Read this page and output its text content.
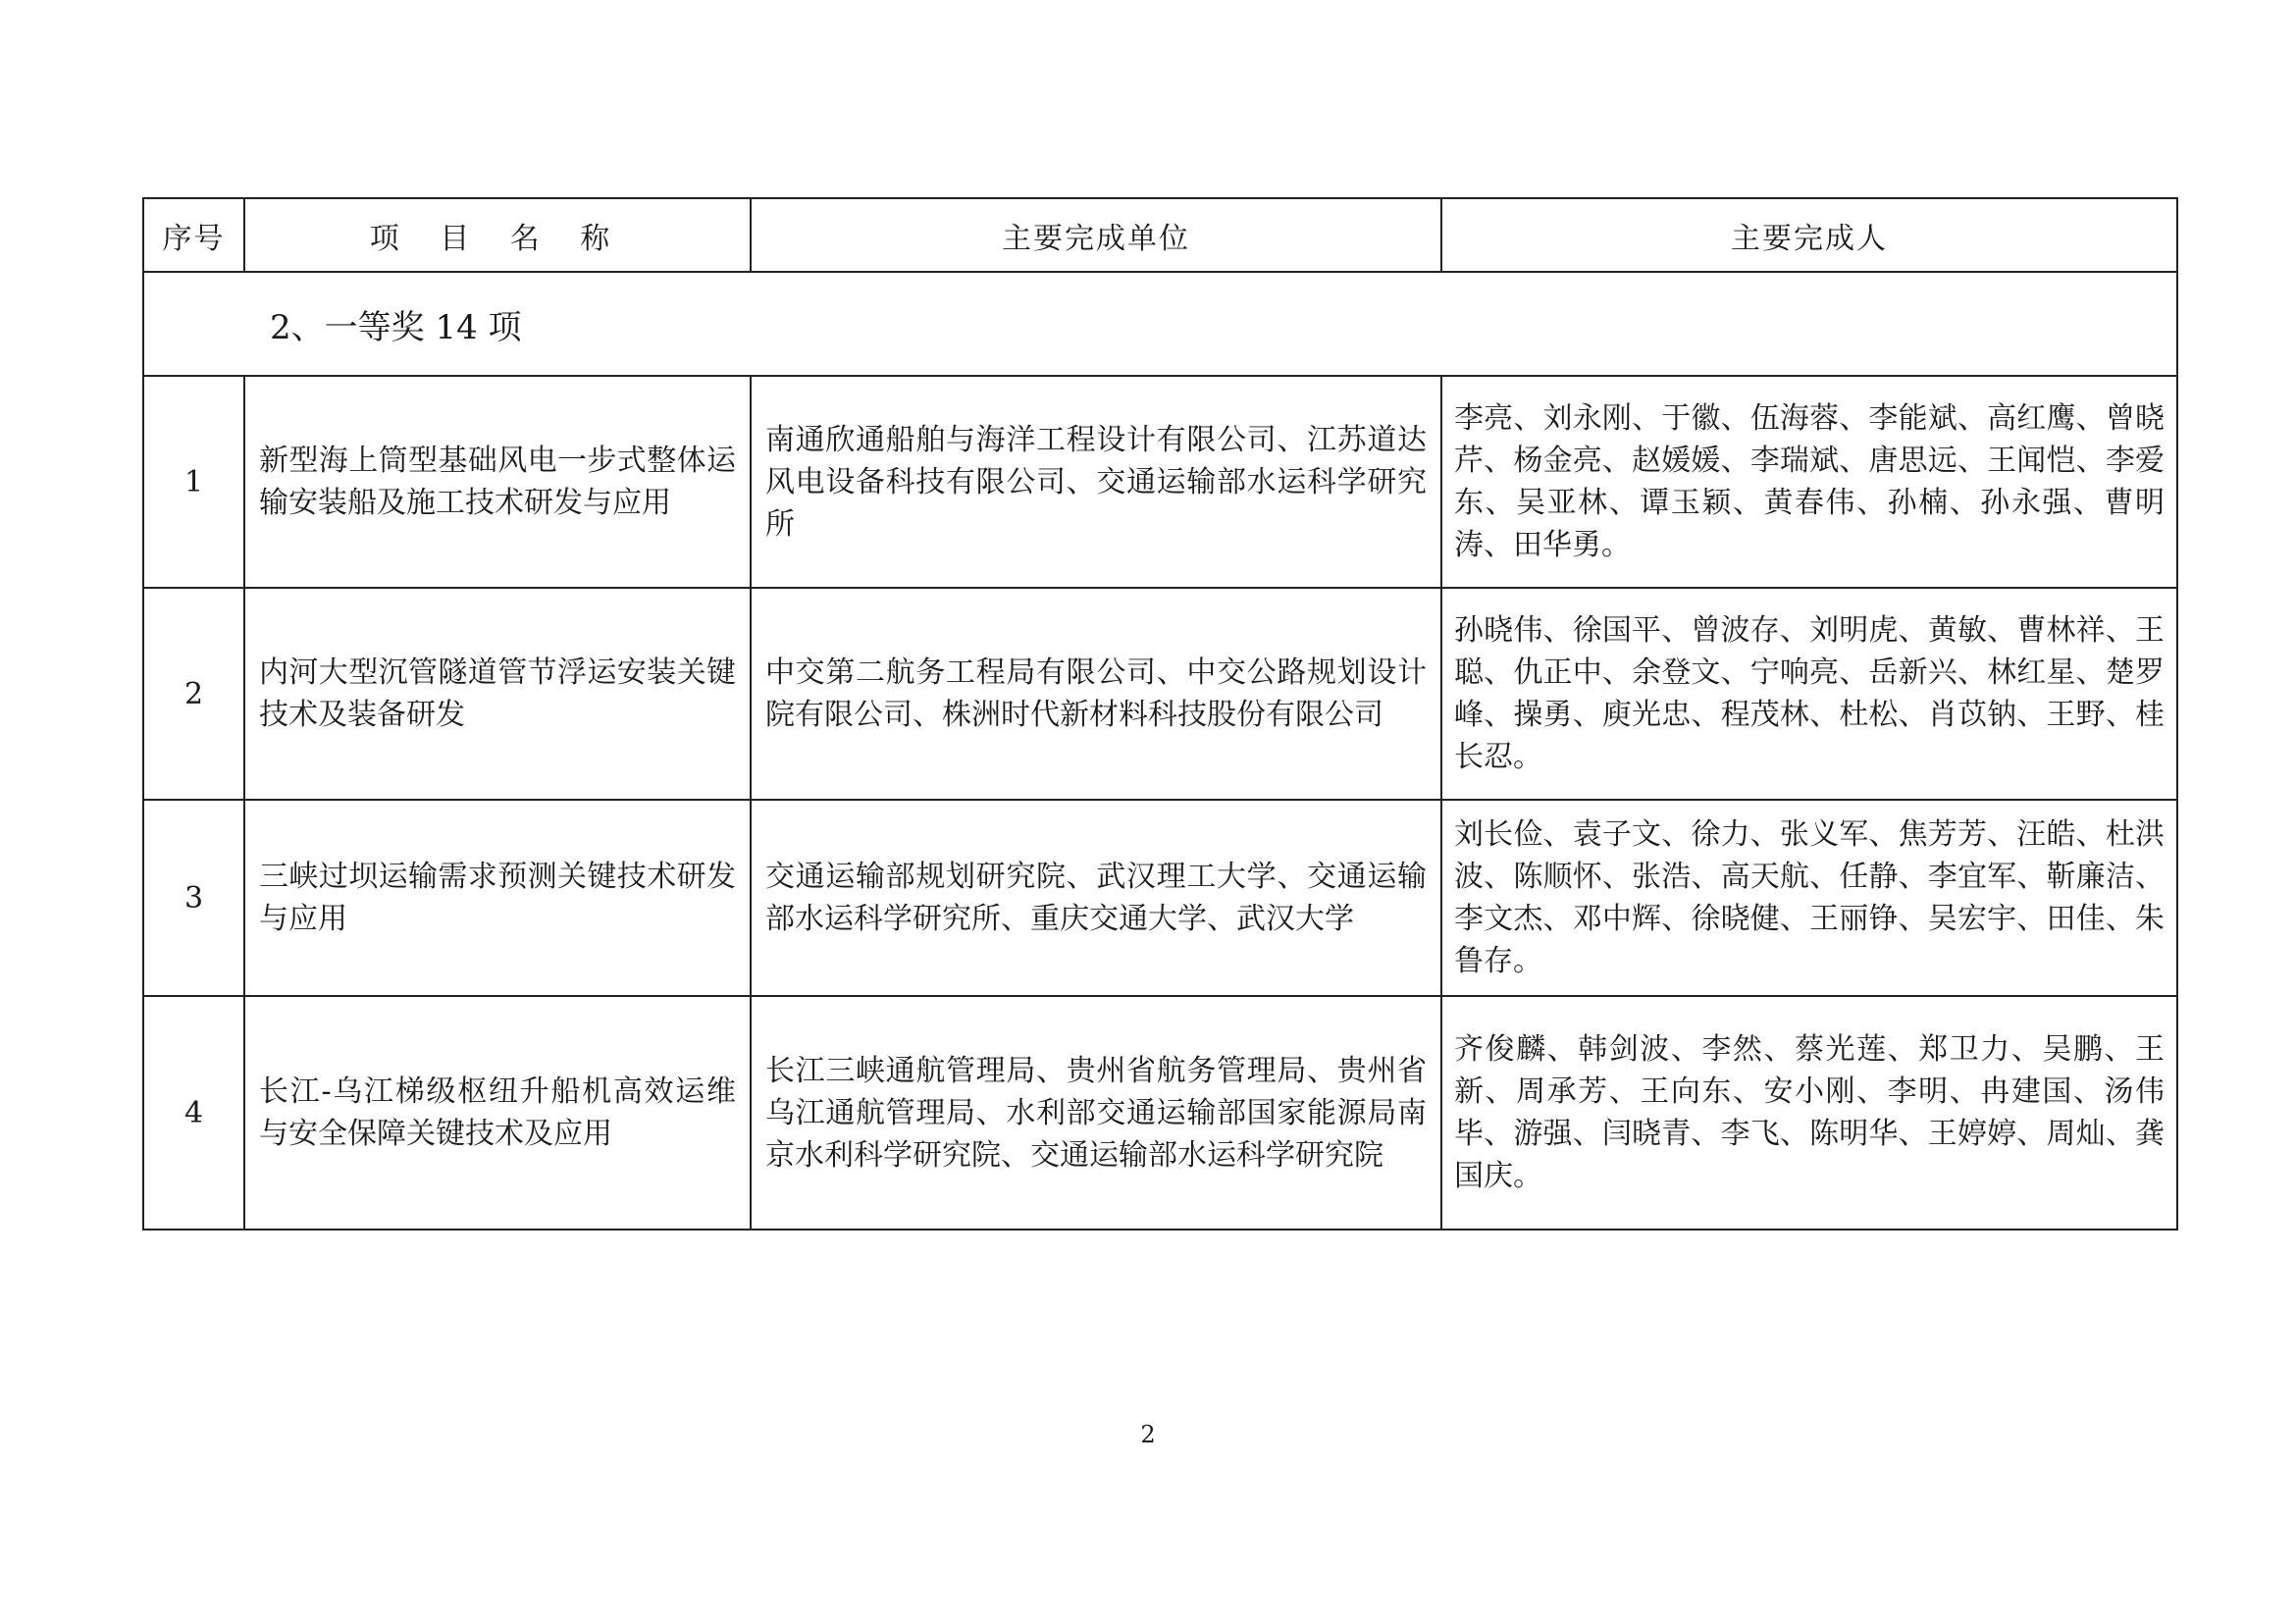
序号	项 目 名 称	主要完成单位	主要完成人
2、一等奖 14 项			
1	新型海上筒型基础风电一步式整体运输安装船及施工技术研发与应用	南通欣通船舶与海洋工程设计有限公司、江苏道达风电设备科技有限公司、交通运输部水运科学研究所	李亮、刘永刚、于徽、伍海蓉、李能斌、高红鹰、曾晓芹、杨金亮、赵媛媛、李瑞斌、唐思远、王闻恺、李爱东、吴亚林、谭玉颖、黄春伟、孙楠、孙永强、曹明涛、田华勇。
2	内河大型沉管隧道管节浮运安装关键技术及装备研发	中交第二航务工程局有限公司、中交公路规划设计院有限公司、株洲时代新材料科技股份有限公司	孙晓伟、徐国平、曾波存、刘明虎、黄敏、曹林祥、王聪、仇正中、余登文、宁响亮、岳新兴、林红星、楚罗峰、操勇、庾光忠、程茂林、杜松、肖苡钠、王野、桂长忍。
3	三峡过坝运输需求预测关键技术研发与应用	交通运输部规划研究院、武汉理工大学、交通运输部水运科学研究所、重庆交通大学、武汉大学	刘长俭、袁子文、徐力、张义军、焦芳芳、汪皓、杜洪波、陈顺怀、张浩、高天航、任静、李宜军、靳廉洁、李文杰、邓中辉、徐晓健、王丽铮、吴宏宇、田佳、朱鲁存。
4	长江-乌江梯级枢纽升船机高效运维与安全保障关键技术及应用	长江三峡通航管理局、贵州省航务管理局、贵州省乌江通航管理局、水利部交通运输部国家能源局南京水利科学研究院、交通运输部水运科学研究院	齐俊麟、韩剑波、李然、蔡光莲、郑卫力、吴鹏、王新、周承芳、王向东、安小刚、李明、冉建国、汤伟毕、游强、闫晓青、李飞、陈明华、王婷婷、周灿、龚国庆。
2
